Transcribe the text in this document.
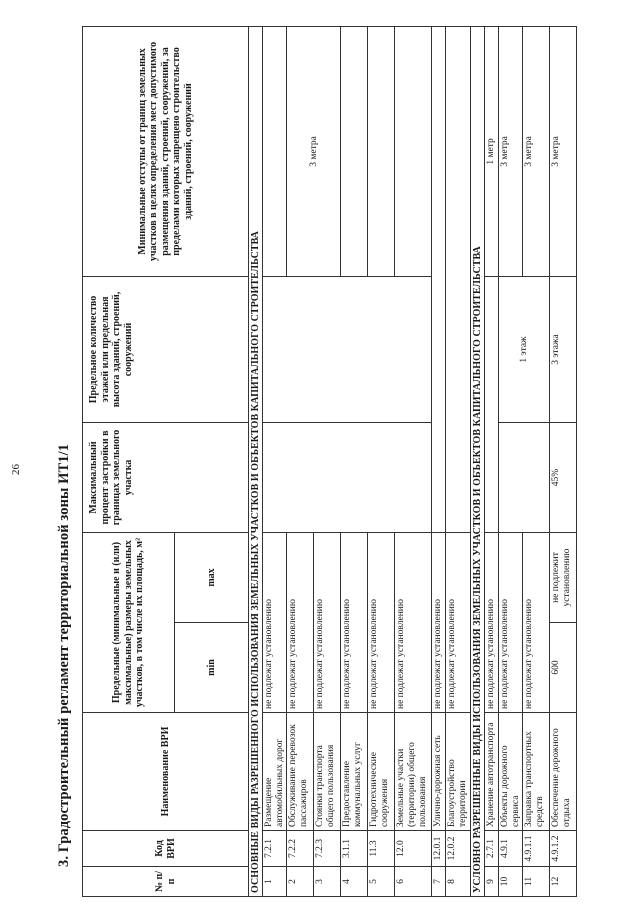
26 3. Градостроительный регламент территориальной зоны ИТ1/1
№ п/п	Код ВРИ	Наименование ВРИ	Предельные (минимальные и (или) максимальные) размеры земельных участков, в том числе их площадь, м²		Максимальный процент застройки в границах земельного участка	Предельное количество этажей или предельная высота зданий, строений, сооружений	Минимальные отступы от границ земельных участков в целях определения мест допустимого размещения зданий, строений, сооружений, за пределами которых запрещено строительство зданий, строений, сооружений
			min	max			
ОСНОВНЫЕ ВИДЫ РАЗРЕШЕННОГО ИСПОЛЬЗОВАНИЯ ЗЕМЕЛЬНЫХ УЧАСТКОВ И ОБЪЕКТОВ КАПИТАЛЬНОГО СТРОИТЕЛЬСТВА							
1	7.2.1	Размещение автомобильных дорог	не подлежат установлению				
2	7.2.2	Обслуживание перевозок пассажиров	не подлежат установлению				3 метра
3	7.2.3	Стоянки транспорта общего пользования	не подлежат установлению				
4	3.1.1	Предоставление коммунальных услуг	не подлежат установлению				
5	11.3	Гидротехнические сооружения	не подлежат установлению				
6	12.0	Земельные участки (территории) общего пользования	не подлежат установлению				
7	12.0.1	Улично-дорожная сеть	не подлежат установлению				
8	12.0.2	Благоустройство территории	не подлежат установлению				
УСЛОВНО РАЗРЕШЕННЫЕ ВИДЫ ИСПОЛЬЗОВАНИЯ ЗЕМЕЛЬНЫХ УЧАСТКОВ И ОБЪЕКТОВ КАПИТАЛЬНОГО СТРОИТЕЛЬСТВА							
9	2.7.1	Хранение автотранспорта	не подлежат установлению				1 метр
10	4.9.1	Объекты дорожного сервиса	не подлежат установлению			1 этаж	3 метра
11	4.9.1.1	Заправка транспортных средств	не подлежат установлению				3 метра
12	4.9.1.2	Обеспечение дорожного отдыха	600	не подлежит установлению	45%	3 этажа	3 метра
